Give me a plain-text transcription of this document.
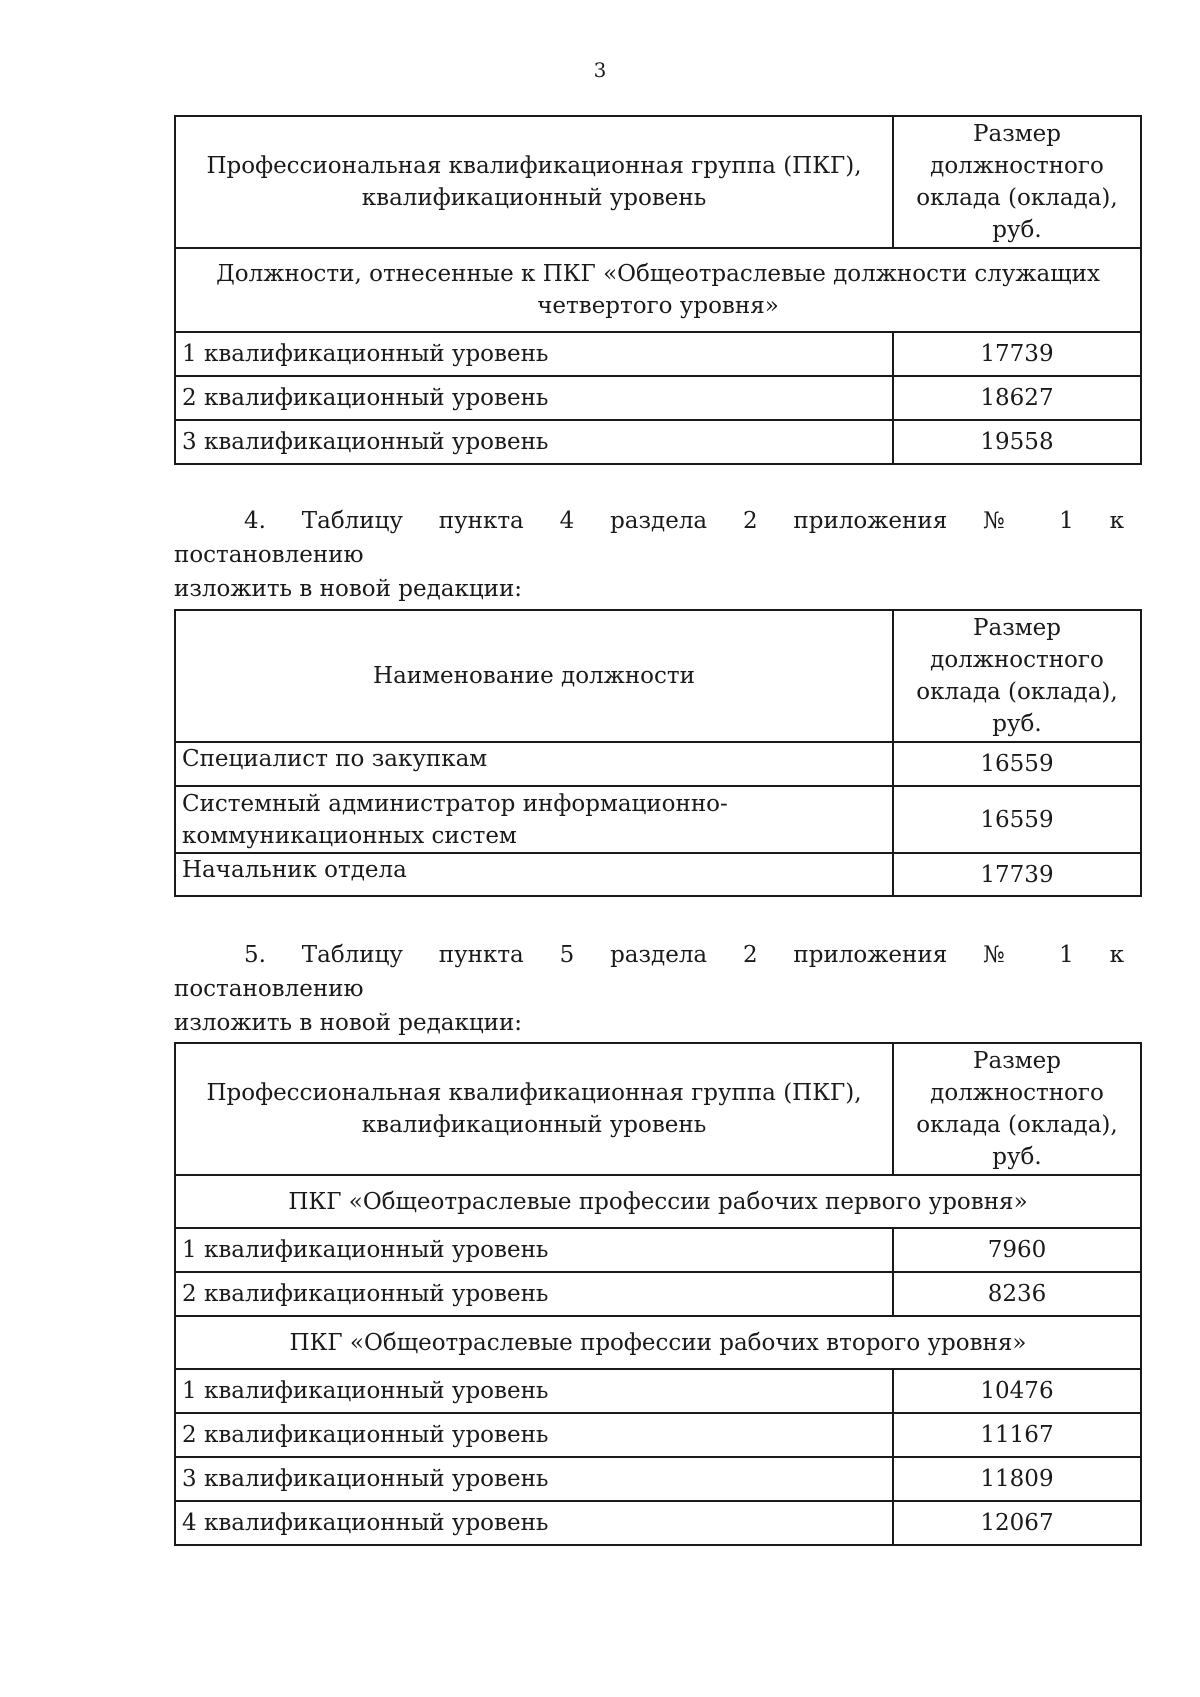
3
Профессиональная квалификационная группа (ПКГ), квалификационный уровень	Размер должностного оклада (оклада), руб.
Должности, отнесенные к ПКГ «Общеотраслевые должности служащих четвертого уровня»	
1 квалификационный уровень	17739
2 квалификационный уровень	18627
3 квалификационный уровень	19558
4. Таблицу пункта 4 раздела 2 приложения № 1 к постановлению
изложить в новой редакции:
Наименование должности	Размер должностного оклада (оклада), руб.
Специалист по закупкам	16559
Системный администратор информационно-коммуникационных систем	16559
Начальник отдела	17739
5. Таблицу пункта 5 раздела 2 приложения № 1 к постановлению
изложить в новой редакции:
Профессиональная квалификационная группа (ПКГ), квалификационный уровень	Размер должностного оклада (оклада), руб.
ПКГ «Общеотраслевые профессии рабочих первого уровня»	
1 квалификационный уровень	7960
2 квалификационный уровень	8236
ПКГ «Общеотраслевые профессии рабочих второго уровня»	
1 квалификационный уровень	10476
2 квалификационный уровень	11167
3 квалификационный уровень	11809
4 квалификационный уровень	12067
